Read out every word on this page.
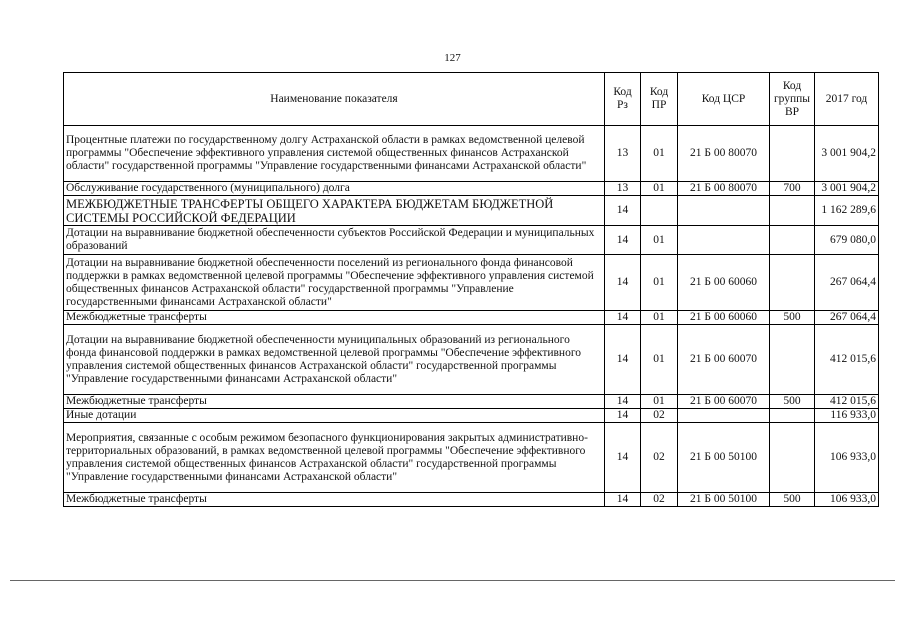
127
Наименование показателя	Код Рз	Код ПР	Код ЦСР	Код группы ВР	2017 год
Процентные платежи по государственному долгу Астраханской области в рамках ведомственной целевой программы "Обеспечение эффективного управления системой общественных финансов Астраханской области" государственной программы "Управление государственными финансами Астраханской области"	13	01	21 Б 00 80070		3 001 904,2
Обслуживание государственного (муниципального) долга	13	01	21 Б 00 80070	700	3 001 904,2
МЕЖБЮДЖЕТНЫЕ ТРАНСФЕРТЫ ОБЩЕГО ХАРАКТЕРА БЮДЖЕТАМ БЮДЖЕТНОЙ СИСТЕМЫ РОССИЙСКОЙ ФЕДЕРАЦИИ	14				1 162 289,6
Дотации на выравнивание бюджетной обеспеченности субъектов Российской Федерации и муниципальных образований	14	01			679 080,0
Дотации на выравнивание бюджетной обеспеченности поселений из регионального фонда финансовой поддержки в рамках ведомственной целевой программы "Обеспечение эффективного управления системой общественных финансов Астраханской области" государственной программы "Управление государственными финансами Астраханской области"	14	01	21 Б 00 60060		267 064,4
Межбюджетные трансферты	14	01	21 Б 00 60060	500	267 064,4
Дотации на выравнивание бюджетной обеспеченности муниципальных образований из регионального фонда финансовой поддержки в рамках ведомственной целевой программы "Обеспечение эффективного управления системой общественных финансов Астраханской области" государственной программы "Управление государственными финансами Астраханской области"	14	01	21 Б 00 60070		412 015,6
Межбюджетные трансферты	14	01	21 Б 00 60070	500	412 015,6
Иные дотации	14	02			116 933,0
Мероприятия, связанные с особым режимом безопасного функционирования закрытых административно-территориальных образований, в рамках ведомственной целевой программы "Обеспечение эффективного управления системой общественных финансов Астраханской области" государственной программы "Управление государственными финансами Астраханской области"	14	02	21 Б 00 50100		106 933,0
Межбюджетные трансферты	14	02	21 Б 00 50100	500	106 933,0
